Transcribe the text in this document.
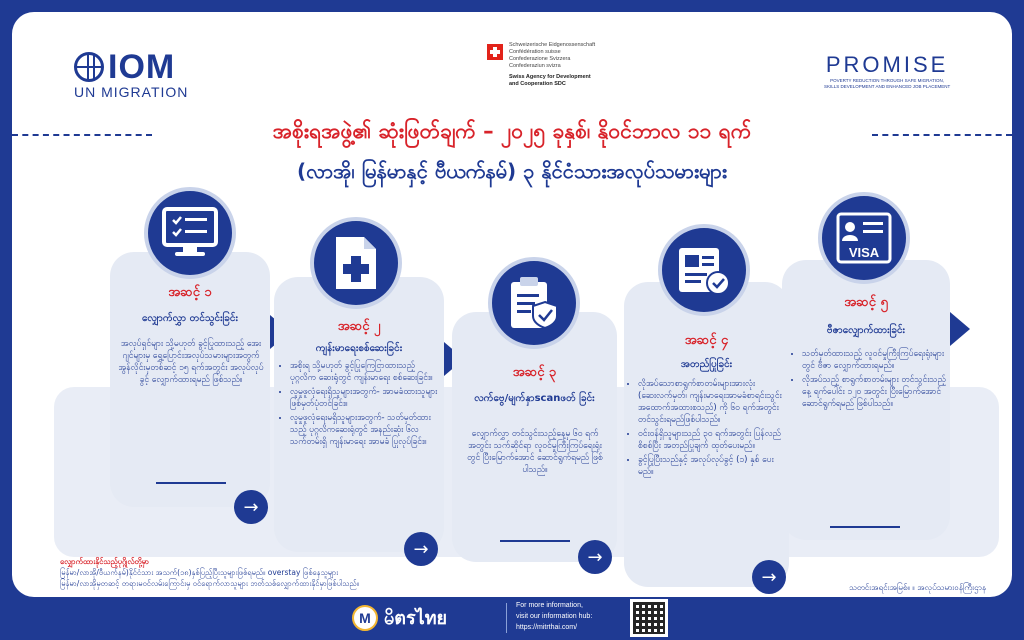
IOM
UN MIGRATION
Schweizerische Eidgenossenschaft
Confédération suisse
Confederazione Svizzera
Confederaziun svizra
Swiss Agency for Development
and Cooperation SDC
PROMISE
POVERTY REDUCTION THROUGH SAFE MIGRATION,
SKILLS DEVELOPMENT AND ENHANCED JOB PLACEMENT
အစိုးရအဖွဲ့၏ ဆုံးဖြတ်ချက် – ၂၀၂၅ ခုနှစ်၊ နိုဝင်ဘာလ ၁၁ ရက်
(လာအို၊ မြန်မာနှင့် ဗီယက်နမ်) ၃ နိုင်ငံသားအလုပ်သမားများ
အဆင့် ၁
လျှောက်လွှာ တင်သွင်းခြင်း
အလုပ်ရှင်များ သို့မဟုတ် ခွင့်ပြုထားသည့် အေးဂျင်များမှ ရွှေ့ပြောင်းအလုပ်သမားများအတွက် အွန်လိုင်းမှတစ်ဆင့် ၁၅ ရက်အတွင်း အလုပ်လုပ်ခွင့် လျှောက်ထားရမည် ဖြစ်သည်။
→
အဆင့် ၂
ကျန်းမာရေးစစ်ဆေးခြင်း
• အစိုးရ သို့မဟုတ် ခွင့်ပြုကြေငြာထားသည့် ပုဂ္ဂလိက ဆေးရုံတွင် ကျန်းမာရေး စစ်ဆေးခြင်း။
• လူမှုဖူလုံရေးရှိသူများအတွက်- အာမခံထားသူများဖြစ်မှတ်ပုံတင်ခြင်း။
• လူမှုဖူလုံရေးမရှိသူများအတွက်- သတ်မှတ်ထားသည့် ပုဂ္ဂလိကဆေးရုံတွင် အနည်းဆုံး ၆လ သက်တမ်းရှိ ကျန်းမာရေး အာမခံ ပြုလုပ်ခြင်း။
→
အဆင့် ၃
လက်ဗွေ/မျက်နှာscanဖတ် ခြင်း
လျှောက်လွှာ တင်သွင်းသည့်နေ့မှ ၆၀ ရက်အတွင်း သက်ဆိုင်ရာ လူဝင်မှုကြီးကြပ်ရေးရုံးတွင် ပြီးမြောက်အောင် ဆောင်ရွက်ရမည် ဖြစ်ပါသည်။
→
အဆင့် ၄
အတည်ပြုခြင်း
• လိုအပ်သောစာရွက်စာတမ်းများအားလုံး (ဆေးလက်မှတ်၊ ကျန်းမာရေးအာမခံစာရင်းသွင်း အထောက်အထားစသည်) ကို ၆၀ ရက်အတွင်း တင်သွင်းရမည်ဖြစ်ပါသည်။
• ဝင်းဝန်ရှိသူများသည် ၃၀ ရက်အတွင်း ပြန်လည်စိစစ်ပြီး အတည်ပြုချက် ထုတ်ပေးမည်။
• ခွင့်ပြုပြီးသည်နှင့် အလုပ်လုပ်ခွင့် (၁) နှစ် ပေးမည်။
→
VISA
အဆင့် ၅
ဗီဇာလျှောက်ထားခြင်း
• သတ်မှတ်ထားသည့် လူဝင်မှုကြီးကြပ်ရေးရုံးများတွင် ဗီဇာ လျှောက်ထားရမည်။
• လိုအပ်သည့် စာရွက်စာတမ်းများ တင်သွင်းသည့်နေ့ ရက်ပေါင်း ၁၂၀ အတွင်း ပြီးမြောက်အောင် ဆောင်ရွက်ရမည် ဖြစ်ပါသည်။
လျှောက်ထားနိုင်သည့်ပုဂ္ဂိုလ်တို့မှာ
မြန်မာ/လာအို/ဗီယက်နမ်)နိုင်ငံသား အသက်(၁၈)နှစ်ပြည့်ပြီးသူများဖြစ်ရမည်။ overstay ဖြစ်နေသူများ
မြန်မာ/လာအိုမှတဆင့် တရားမဝင်လမ်းကြောင်းမှ ဝင်ရောက်လာသူများ ဘတ်သစ်လျှောက်ထားနိုင်မှာဖြစ်ပါသည်။	သတင်းအရင်းအမြစ်။ ။ အလုပ်သမားဝန်ကြီးဌာန
M မိตรไทย
For more information,
visit our information hub:
https://mitrthai.com/
